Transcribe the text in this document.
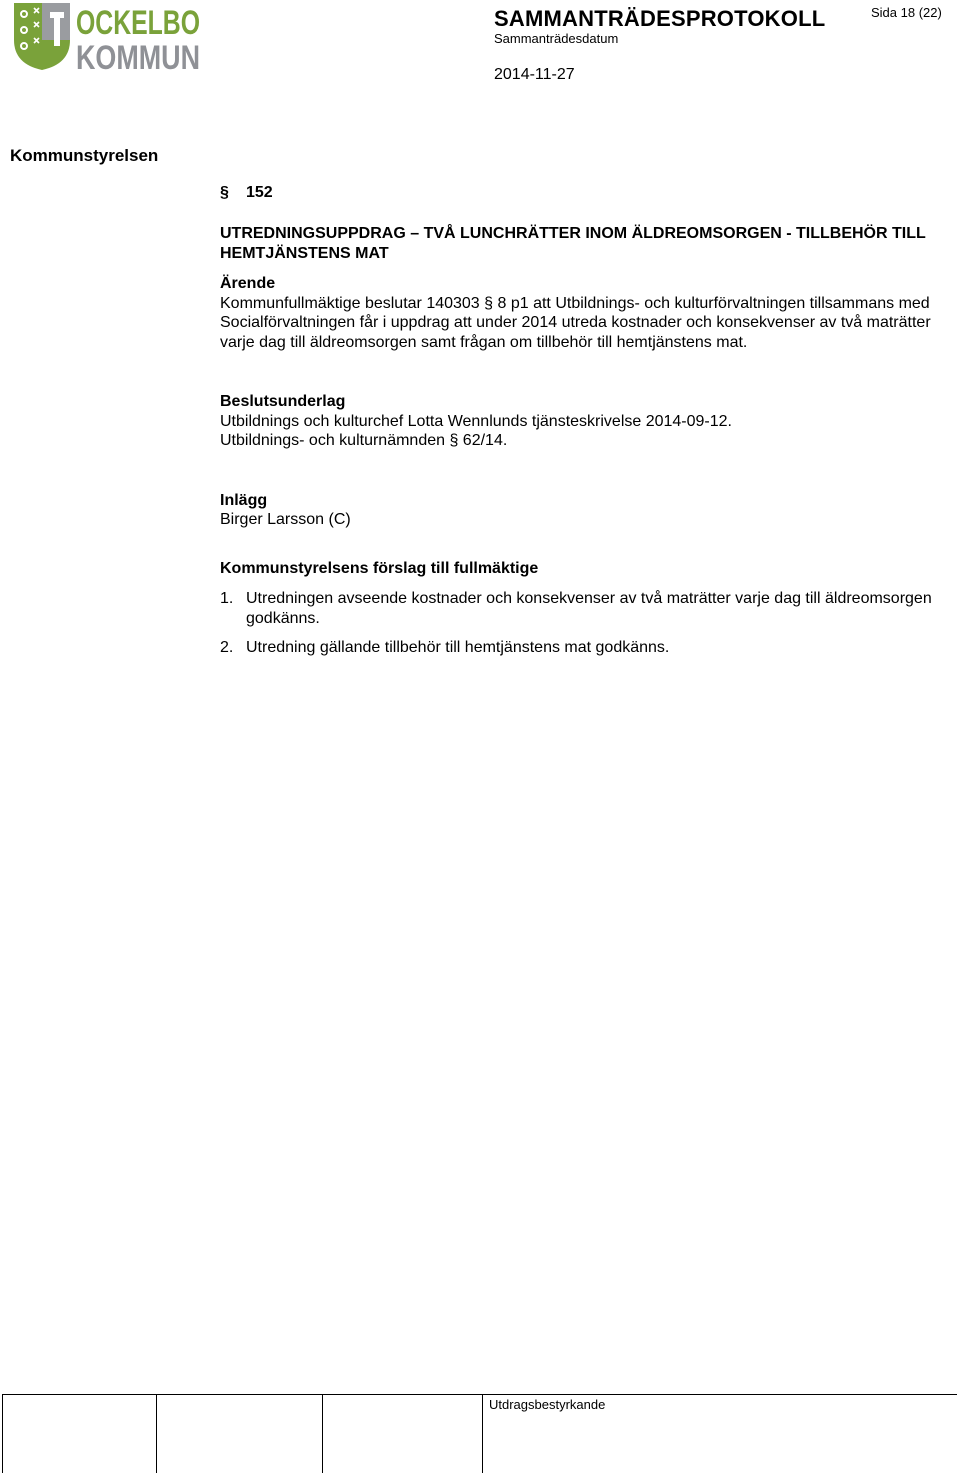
OCKELBO
KOMMUN
SAMMANTRÄDESPROTOKOLL	Sida 18 (22)
Sammanträdesdatum
2014-11-27
Kommunstyrelsen
§ 152

UTREDNINGSUPPDRAG – TVÅ LUNCHRÄTTER INOM ÄLDREOMSORGEN - TILLBEHÖR TILL HEMTJÄNSTENS MAT

Ärende

Kommunfullmäktige beslutar 140303 § 8 p1 att Utbildnings- och kulturförvaltningen tillsammans med Socialförvaltningen får i uppdrag att under 2014 utreda kostnader och konsekvenser av två maträtter varje dag till äldreomsorgen samt frågan om tillbehör till hemtjänstens mat.

Beslutsunderlag

Utbildnings och kulturchef Lotta Wennlunds tjänsteskrivelse 2014-09-12.

Utbildnings- och kulturnämnden § 62/14.

Inlägg

Birger Larsson (C)

Kommunstyrelsens förslag till fullmäktige

1. Utredningen avseende kostnader och konsekvenser av två maträtter varje dag till äldreomsorgen godkänns.
2. Utredning gällande tillbehör till hemtjänstens mat godkänns.
Utdragsbestyrkande
